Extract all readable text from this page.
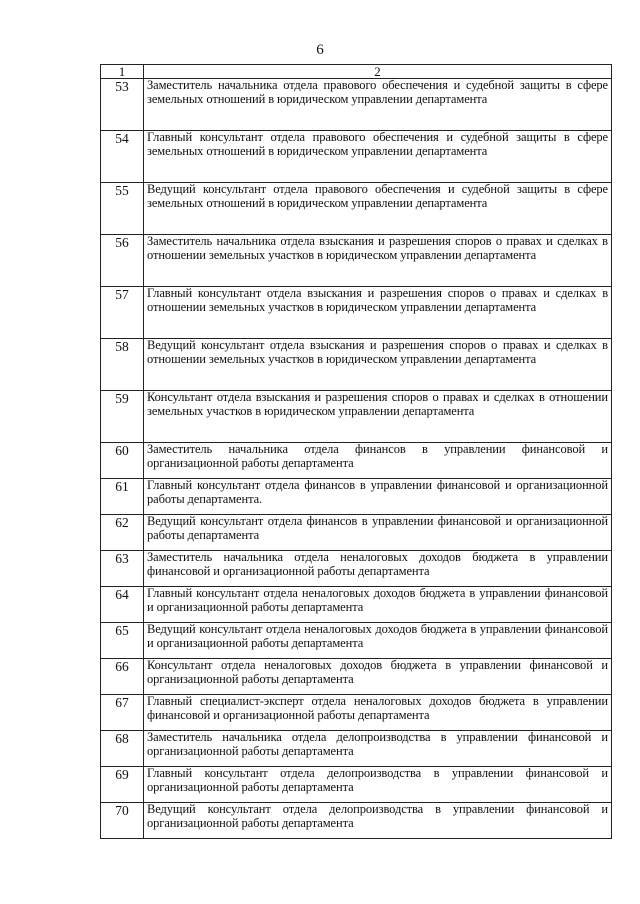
6
1	2
53	Заместитель начальника отдела правового обеспечения и судебной защиты в сфере земельных отношений в юридическом управлении департамента
54	Главный консультант отдела правового обеспечения и судебной защиты в сфере земельных отношений в юридическом управлении департамента
55	Ведущий консультант отдела правового обеспечения и судебной защиты в сфере земельных отношений в юридическом управлении департамента
56	Заместитель начальника отдела взыскания и разрешения споров о правах и сделках в отношении земельных участков в юридическом управлении департамента
57	Главный консультант отдела взыскания и разрешения споров о правах и сделках в отношении земельных участков в юридическом управлении департамента
58	Ведущий консультант отдела взыскания и разрешения споров о правах и сделках в отношении земельных участков в юридическом управлении департамента
59	Консультант отдела взыскания и разрешения споров о правах и сделках в отношении земельных участков в юридическом управлении департамента
60	Заместитель начальника отдела финансов в управлении финансовой и организационной работы департамента
61	Главный консультант отдела финансов в управлении финансовой и организационной работы департамента.
62	Ведущий консультант отдела финансов в управлении финансовой и организационной работы департамента
63	Заместитель начальника отдела неналоговых доходов бюджета в управлении финансовой и организационной работы департамента
64	Главный консультант отдела неналоговых доходов бюджета в управлении финансовой и организационной работы департамента
65	Ведущий консультант отдела неналоговых доходов бюджета в управлении финансовой и организационной работы департамента
66	Консультант отдела неналоговых доходов бюджета в управлении финансовой и организационной работы департамента
67	Главный специалист-эксперт отдела неналоговых доходов бюджета в управлении финансовой и организационной работы департамента
68	Заместитель начальника отдела делопроизводства в управлении финансовой и организационной работы департамента
69	Главный консультант отдела делопроизводства в управлении финансовой и организационной работы департамента
70	Ведущий консультант отдела делопроизводства в управлении финансовой и организационной работы департамента
